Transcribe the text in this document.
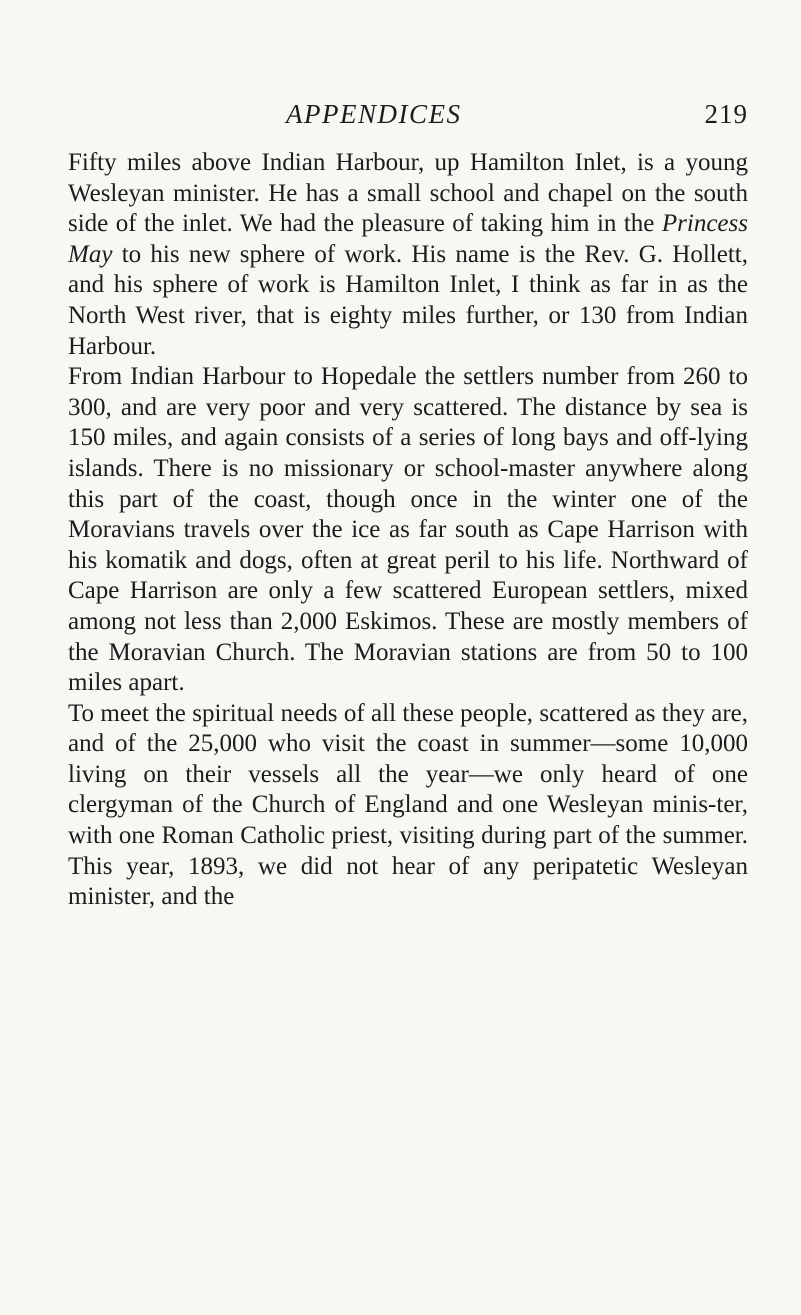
APPENDICES	219

Fifty miles above Indian Harbour, up Hamilton Inlet, is a young Wesleyan minister. He has a small school and chapel on the south side of the inlet. We had the pleasure of taking him in the Princess May to his new sphere of work. His name is the Rev. G. Hollett, and his sphere of work is Hamilton Inlet, I think as far in as the North West river, that is eighty miles further, or 130 from Indian Harbour.

From Indian Harbour to Hopedale the settlers number from 260 to 300, and are very poor and very scattered. The distance by sea is 150 miles, and again consists of a series of long bays and off-lying islands. There is no missionary or school-master anywhere along this part of the coast, though once in the winter one of the Moravians travels over the ice as far south as Cape Harrison with his komatik and dogs, often at great peril to his life. Northward of Cape Harrison are only a few scattered European settlers, mixed among not less than 2,000 Eskimos. These are mostly members of the Moravian Church. The Moravian stations are from 50 to 100 miles apart.

To meet the spiritual needs of all these people, scattered as they are, and of the 25,000 who visit the coast in summer—some 10,000 living on their vessels all the year—we only heard of one clergyman of the Church of England and one Wesleyan minis-ter, with one Roman Catholic priest, visiting during part of the summer. This year, 1893, we did not hear of any peripatetic Wesleyan minister, and the
